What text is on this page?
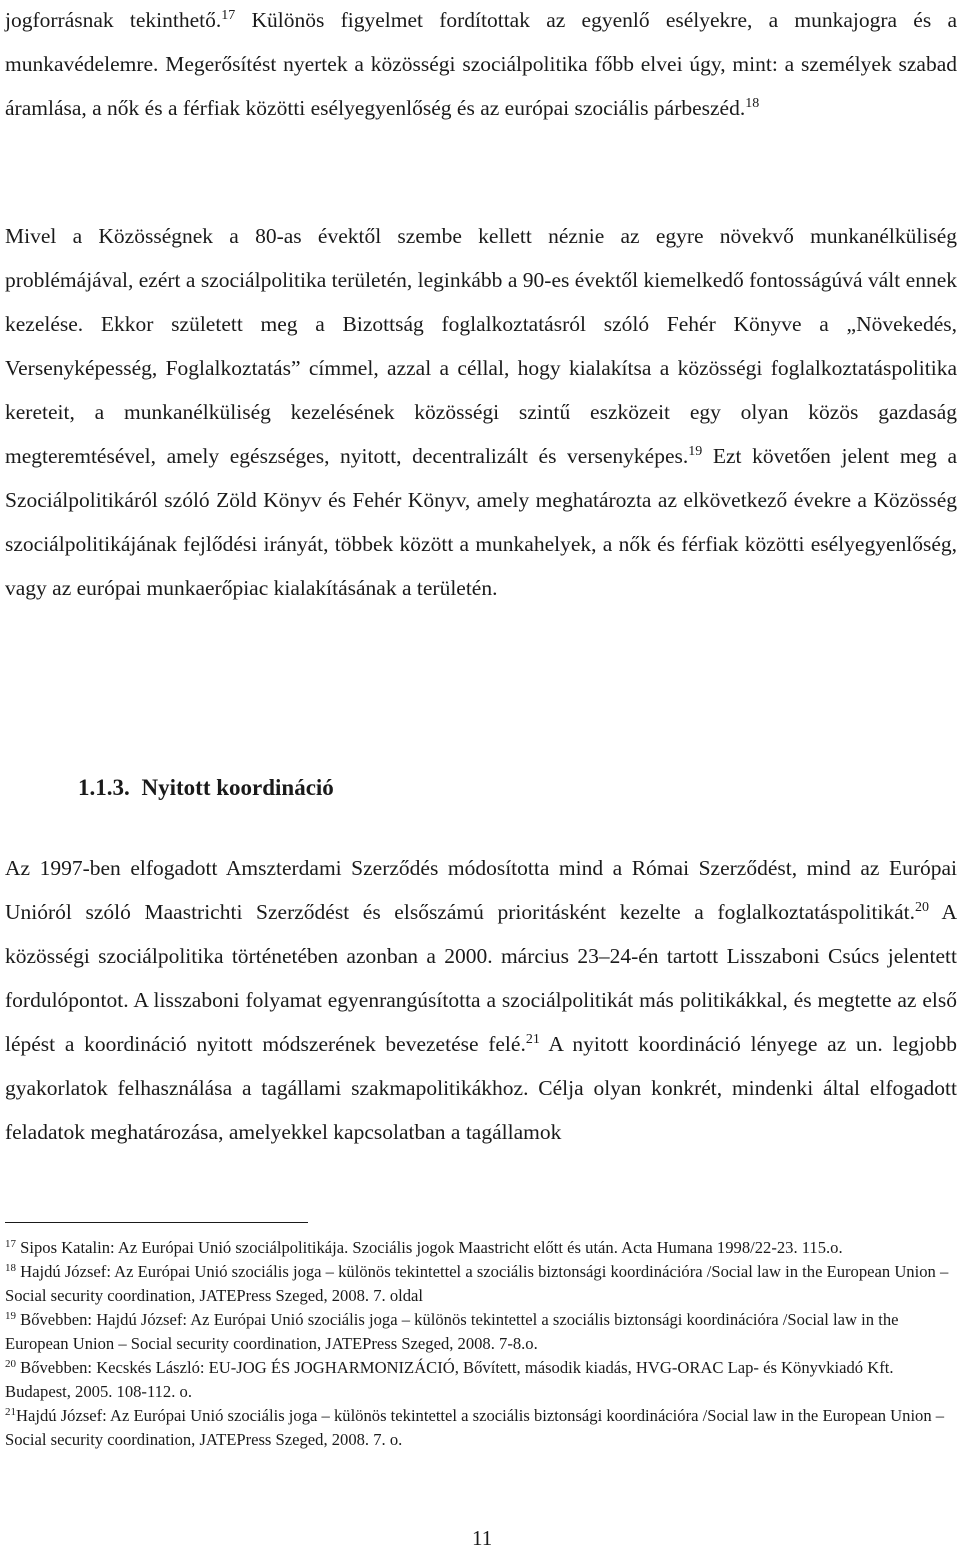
jogforrásnak tekinthető.$^{17}$ Különös figyelmet fordítottak az egyenlő esélyekre, a munkajogra és a munkavédelemre. Megerősítést nyertek a közösségi szociálpolitika főbb elvei úgy, mint: a személyek szabad áramlása, a nők és a férfiak közötti esélyegyenlőség és az európai szociális párbeszéd.$^{18}$

Mivel a Közösségnek a 80-as évektől szembe kellett néznie az egyre növekvő munkanélküliség problémájával, ezért a szociálpolitika területén, leginkább a 90-es évektől kiemelkedő fontosságúvá vált ennek kezelése. Ekkor született meg a Bizottság foglalkoztatásról szóló Fehér Könyve a „Növekedés, Versenyképesség, Foglalkoztatás” címmel, azzal a céllal, hogy kialakítsa a közösségi foglalkoztatáspolitika kereteit, a munkanélküliség kezelésének közösségi szintű eszközeit egy olyan közös gazdaság megteremtésével, amely egészséges, nyitott, decentralizált és versenyképes.$^{19}$ Ezt követően jelent meg a Szociálpolitikáról szóló Zöld Könyv és Fehér Könyv, amely meghatározta az elkövetkező évekre a Közösség szociálpolitikájának fejlődési irányát, többek között a munkahelyek, a nők és férfiak közötti esélyegyenlőség, vagy az európai munkaerőpiac kialakításának a területén.

1.1.3. Nyitott koordináció

Az 1997-ben elfogadott Amszterdami Szerződés módosította mind a Római Szerződést, mind az Európai Unióról szóló Maastrichti Szerződést és elsőszámú prioritásként kezelte a foglalkoztatáspolitikát.$^{20}$ A közösségi szociálpolitika történetében azonban a 2000. március 23–24-én tartott Lisszaboni Csúcs jelentett fordulópontot. A lisszaboni folyamat egyenrangúsította a szociálpolitikát más politikákkal, és megtette az első lépést a koordináció nyitott módszerének bevezetése felé.$^{21}$ A nyitott koordináció lényege az un. legjobb gyakorlatok felhasználása a tagállami szakmapolitikákhoz. Célja olyan konkrét, mindenki által elfogadott feladatok meghatározása, amelyekkel kapcsolatban a tagállamok

$^{17}$ Sipos Katalin: Az Európai Unió szociálpolitikája. Szociális jogok Maastricht előtt és után. Acta Humana 1998/22-23. 115.o.

$^{18}$ Hajdú József: Az Európai Unió szociális joga – különös tekintettel a szociális biztonsági koordinációra /Social law in the European Union – Social security coordination, JATEPress Szeged, 2008. 7. oldal

$^{19}$ Bővebben: Hajdú József: Az Európai Unió szociális joga – különös tekintettel a szociális biztonsági koordinációra /Social law in the European Union – Social security coordination, JATEPress Szeged, 2008. 7-8.o.

$^{20}$ Bővebben: Kecskés László: EU-JOG ÉS JOGHARMONIZÁCIÓ, Bővített, második kiadás, HVG-ORAC Lap- és Könyvkiadó Kft. Budapest, 2005. 108-112. o.

$^{21}$Hajdú József: Az Európai Unió szociális joga – különös tekintettel a szociális biztonsági koordinációra /Social law in the European Union – Social security coordination, JATEPress Szeged, 2008. 7. o.

11
